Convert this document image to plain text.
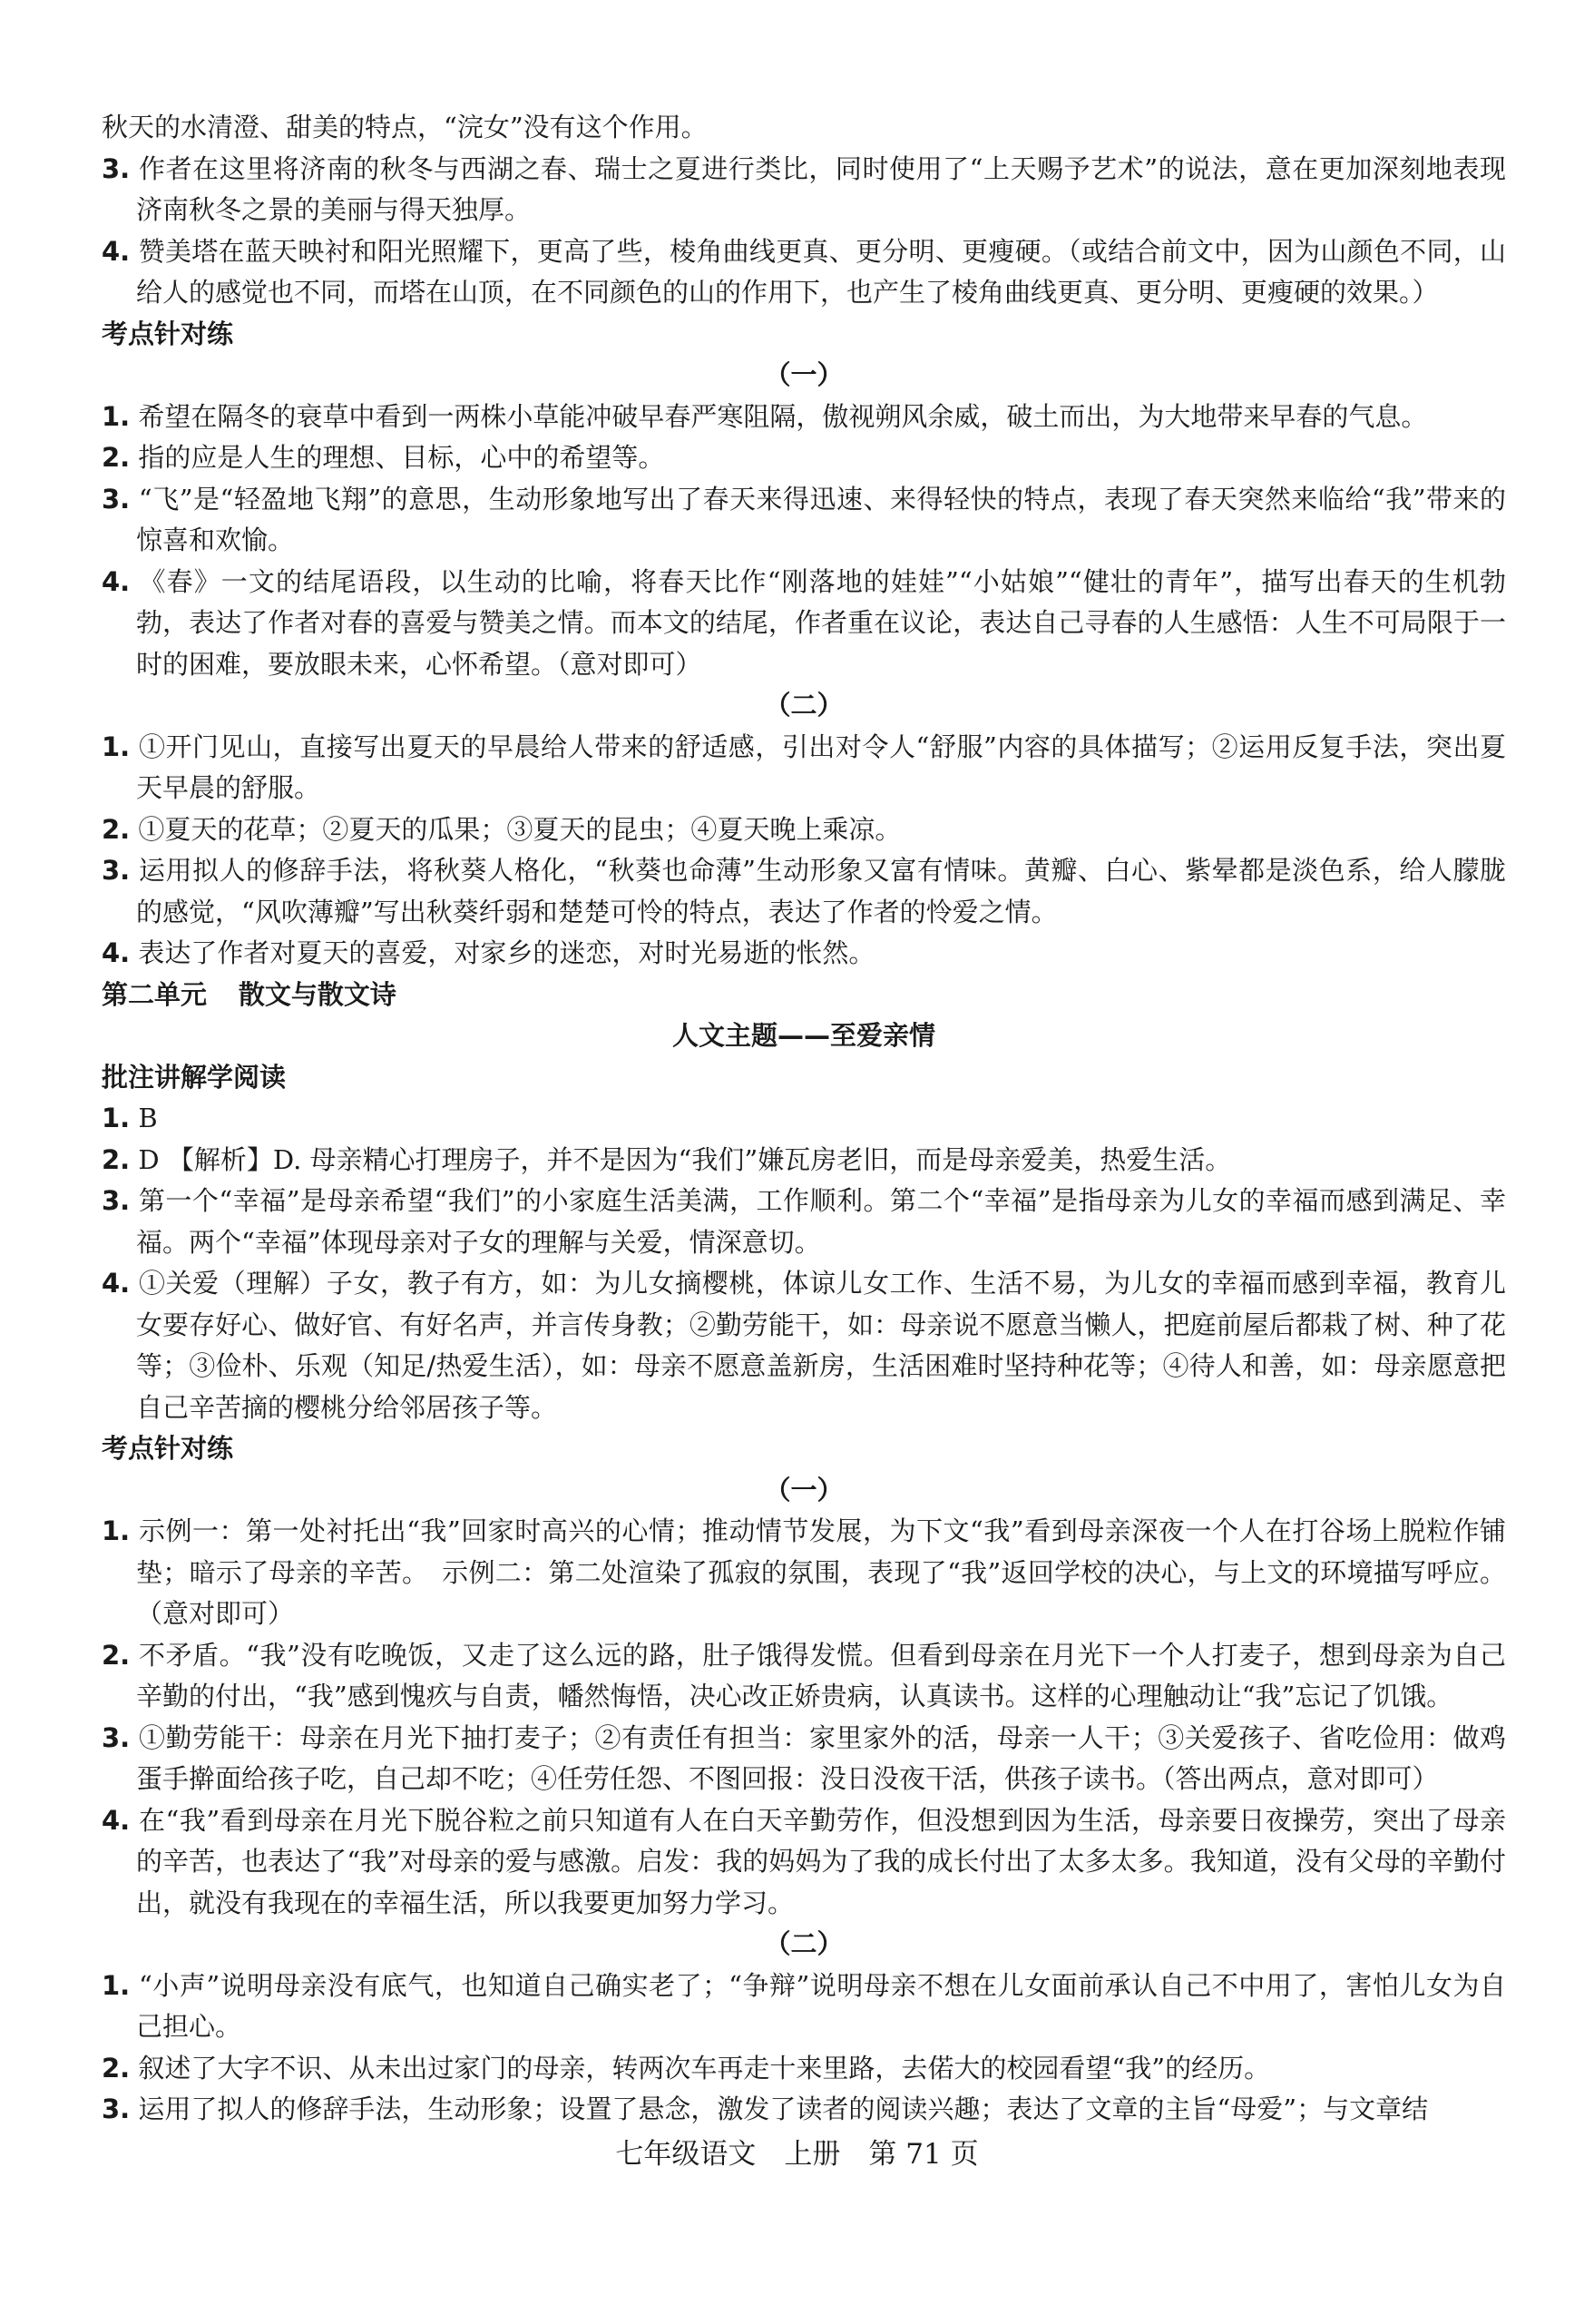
秋天的水清澄、甜美的特点，“浣女”没有这个作用。
3. 作者在这里将济南的秋冬与西湖之春、瑞士之夏进行类比，同时使用了“上天赐予艺术”的说法，意在更加深刻地表现济南秋冬之景的美丽与得天独厚。
4. 赞美塔在蓝天映衬和阳光照耀下，更高了些，棱角曲线更真、更分明、更瘦硬。（或结合前文中，因为山颜色不同，山给人的感觉也不同，而塔在山顶，在不同颜色的山的作用下，也产生了棱角曲线更真、更分明、更瘦硬的效果。）
考点针对练
（一）
1. 希望在隔冬的衰草中看到一两株小草能冲破早春严寒阻隔，傲视朔风余威，破土而出，为大地带来早春的气息。
2. 指的应是人生的理想、目标，心中的希望等。
3. “飞”是“轻盈地飞翔”的意思，生动形象地写出了春天来得迅速、来得轻快的特点，表现了春天突然来临给“我”带来的惊喜和欢愉。
4. 《春》一文的结尾语段，以生动的比喻，将春天比作“刚落地的娃娃”“小姑娘”“健壮的青年”，描写出春天的生机勃勃，表达了作者对春的喜爱与赞美之情。而本文的结尾，作者重在议论，表达自己寻春的人生感悟：人生不可局限于一时的困难，要放眼未来，心怀希望。（意对即可）
（二）
1. ①开门见山，直接写出夏天的早晨给人带来的舒适感，引出对令人“舒服”内容的具体描写；②运用反复手法，突出夏天早晨的舒服。
2. ①夏天的花草；②夏天的瓜果；③夏天的昆虫；④夏天晚上乘凉。
3. 运用拟人的修辞手法，将秋葵人格化，“秋葵也命薄”生动形象又富有情味。黄瓣、白心、紫晕都是淡色系，给人朦胧的感觉，“风吹薄瓣”写出秋葵纤弱和楚楚可怜的特点，表达了作者的怜爱之情。
4. 表达了作者对夏天的喜爱，对家乡的迷恋，对时光易逝的怅然。
第二单元 散文与散文诗
人文主题——至爱亲情
批注讲解学阅读
1. B
2. D 【解析】D. 母亲精心打理房子，并不是因为“我们”嫌瓦房老旧，而是母亲爱美，热爱生活。
3. 第一个“幸福”是母亲希望“我们”的小家庭生活美满，工作顺利。第二个“幸福”是指母亲为儿女的幸福而感到满足、幸福。两个“幸福”体现母亲对子女的理解与关爱，情深意切。
4. ①关爱（理解）子女，教子有方，如：为儿女摘樱桃，体谅儿女工作、生活不易，为儿女的幸福而感到幸福，教育儿女要存好心、做好官、有好名声，并言传身教；②勤劳能干，如：母亲说不愿意当懒人，把庭前屋后都栽了树、种了花等；③俭朴、乐观（知足/热爱生活），如：母亲不愿意盖新房，生活困难时坚持种花等；④待人和善，如：母亲愿意把自己辛苦摘的樱桃分给邻居孩子等。
考点针对练
（一）
1. 示例一：第一处衬托出“我”回家时高兴的心情；推动情节发展，为下文“我”看到母亲深夜一个人在打谷场上脱粒作铺垫；暗示了母亲的辛苦。　示例二：第二处渲染了孤寂的氛围，表现了“我”返回学校的决心，与上文的环境描写呼应。（意对即可）
2. 不矛盾。“我”没有吃晚饭，又走了这么远的路，肚子饿得发慌。但看到母亲在月光下一个人打麦子，想到母亲为自己辛勤的付出，“我”感到愧疚与自责，幡然悔悟，决心改正娇贵病，认真读书。这样的心理触动让“我”忘记了饥饿。
3. ①勤劳能干：母亲在月光下抽打麦子；②有责任有担当：家里家外的活，母亲一人干；③关爱孩子、省吃俭用：做鸡蛋手擀面给孩子吃，自己却不吃；④任劳任怨、不图回报：没日没夜干活，供孩子读书。（答出两点，意对即可）
4. 在“我”看到母亲在月光下脱谷粒之前只知道有人在白天辛勤劳作，但没想到因为生活，母亲要日夜操劳，突出了母亲的辛苦，也表达了“我”对母亲的爱与感激。启发：我的妈妈为了我的成长付出了太多太多。我知道，没有父母的辛勤付出，就没有我现在的幸福生活，所以我要更加努力学习。
（二）
1. “小声”说明母亲没有底气，也知道自己确实老了；“争辩”说明母亲不想在儿女面前承认自己不中用了，害怕儿女为自己担心。
2. 叙述了大字不识、从未出过家门的母亲，转两次车再走十来里路，去偌大的校园看望“我”的经历。
3. 运用了拟人的修辞手法，生动形象；设置了悬念，激发了读者的阅读兴趣；表达了文章的主旨“母爱”；与文章结
七年级语文　上册　第 71 页
